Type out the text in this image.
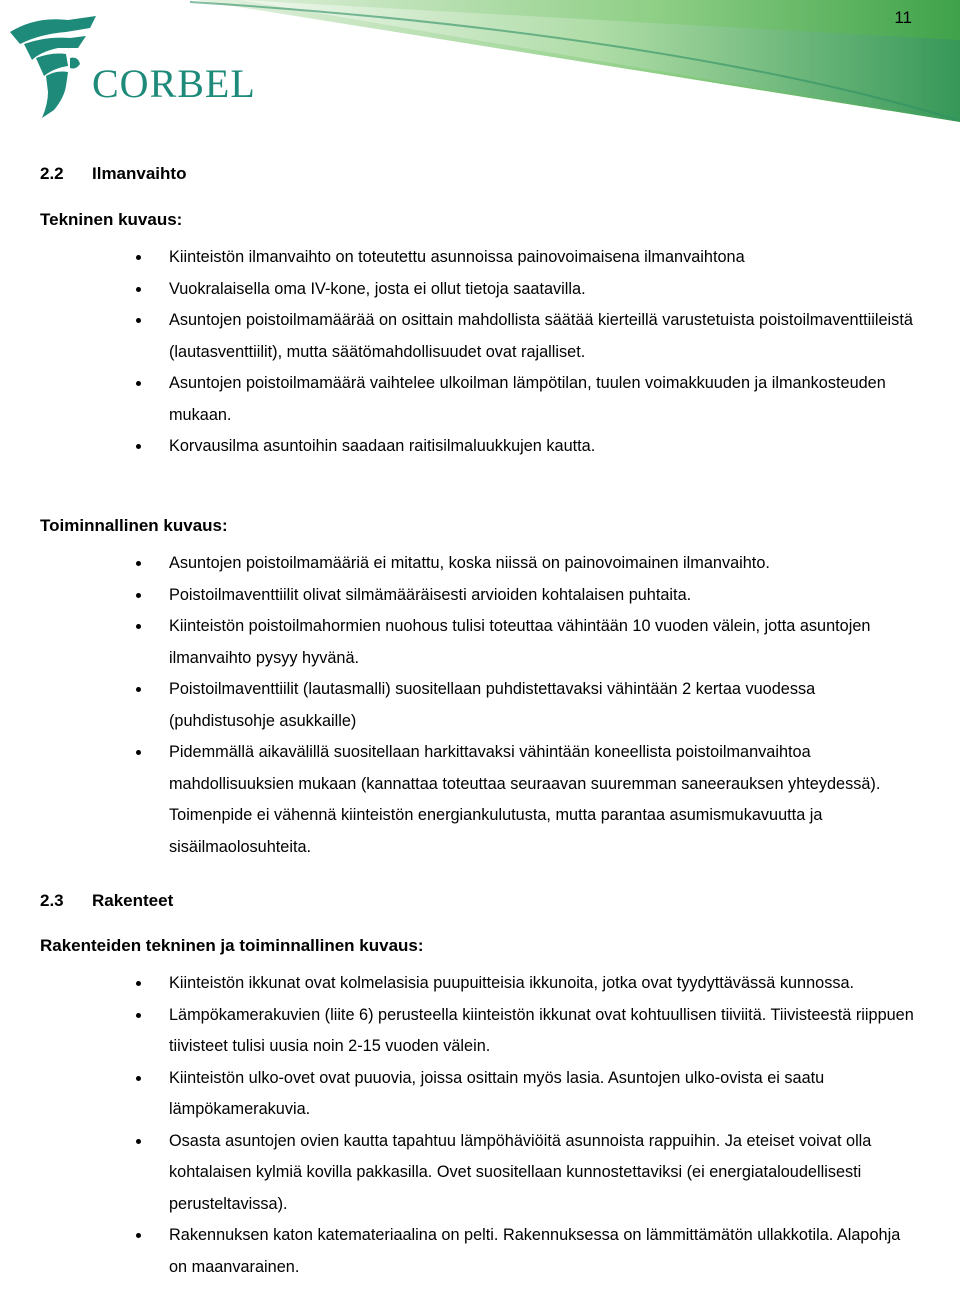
CORBEL
11
2.2 Ilmanvaihto
Tekninen kuvaus:
Kiinteistön ilmanvaihto on toteutettu asunnoissa painovoimaisena ilmanvaihtona
Vuokralaisella oma IV-kone, josta ei ollut tietoja saatavilla.
Asuntojen poistoilmamäärää on osittain mahdollista säätää kierteillä varustetuista poistoilmaventtiileistä (lautasventtiilit), mutta säätömahdollisuudet ovat rajalliset.
Asuntojen poistoilmamäärä vaihtelee ulkoilman lämpötilan, tuulen voimakkuuden ja ilmankosteuden mukaan.
Korvausilma asuntoihin saadaan raitisilmaluukkujen kautta.
Toiminnallinen kuvaus:
Asuntojen poistoilmamääriä ei mitattu, koska niissä on painovoimainen ilmanvaihto.
Poistoilmaventtiilit olivat silmämääräisesti arvioiden kohtalaisen puhtaita.
Kiinteistön poistoilmahormien nuohous tulisi toteuttaa vähintään 10 vuoden välein, jotta asuntojen ilmanvaihto pysyy hyvänä.
Poistoilmaventtiilit (lautasmalli) suositellaan puhdistettavaksi vähintään 2 kertaa vuodessa (puhdistusohje asukkaille)
Pidemmällä aikavälillä suositellaan harkittavaksi vähintään koneellista poistoilmanvaihtoa mahdollisuuksien mukaan (kannattaa toteuttaa seuraavan suuremman saneerauksen yhteydessä). Toimenpide ei vähennä kiinteistön energiankulutusta, mutta parantaa asumismukavuutta ja sisäilmaolosuhteita.
2.3 Rakenteet
Rakenteiden tekninen ja toiminnallinen kuvaus:
Kiinteistön ikkunat ovat kolmelasisia puupuitteisia ikkunoita, jotka ovat tyydyttävässä kunnossa.
Lämpökamerakuvien (liite 6) perusteella kiinteistön ikkunat ovat kohtuullisen tiiviitä. Tiivisteestä riippuen tiivisteet tulisi uusia noin 2-15 vuoden välein.
Kiinteistön ulko-ovet ovat puuovia, joissa osittain myös lasia. Asuntojen ulko-ovista ei saatu lämpökamerakuvia.
Osasta asuntojen ovien kautta tapahtuu lämpöhäviöitä asunnoista rappuihin. Ja eteiset voivat olla kohtalaisen kylmiä kovilla pakkasilla. Ovet suositellaan kunnostettaviksi (ei energiataloudellisesti perusteltavissa).
Rakennuksen katon katemateriaalina on pelti. Rakennuksessa on lämmittämätön ullakkotila. Alapohja on maanvarainen.
